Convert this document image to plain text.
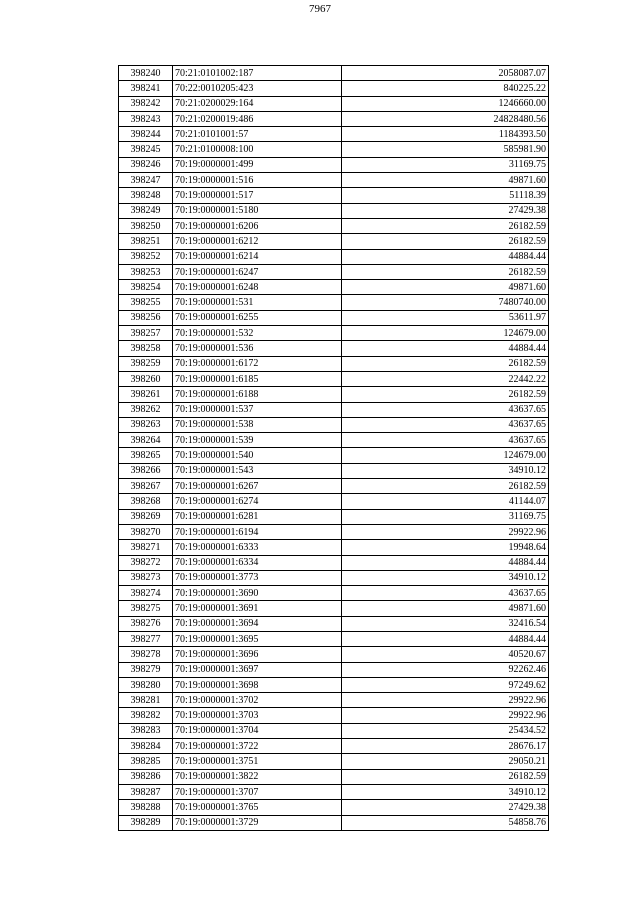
7967
398240	70:21:0101002:187	2058087.07
398241	70:22:0010205:423	840225.22
398242	70:21:0200029:164	1246660.00
398243	70:21:0200019:486	24828480.56
398244	70:21:0101001:57	1184393.50
398245	70:21:0100008:100	585981.90
398246	70:19:0000001:499	31169.75
398247	70:19:0000001:516	49871.60
398248	70:19:0000001:517	51118.39
398249	70:19:0000001:5180	27429.38
398250	70:19:0000001:6206	26182.59
398251	70:19:0000001:6212	26182.59
398252	70:19:0000001:6214	44884.44
398253	70:19:0000001:6247	26182.59
398254	70:19:0000001:6248	49871.60
398255	70:19:0000001:531	7480740.00
398256	70:19:0000001:6255	53611.97
398257	70:19:0000001:532	124679.00
398258	70:19:0000001:536	44884.44
398259	70:19:0000001:6172	26182.59
398260	70:19:0000001:6185	22442.22
398261	70:19:0000001:6188	26182.59
398262	70:19:0000001:537	43637.65
398263	70:19:0000001:538	43637.65
398264	70:19:0000001:539	43637.65
398265	70:19:0000001:540	124679.00
398266	70:19:0000001:543	34910.12
398267	70:19:0000001:6267	26182.59
398268	70:19:0000001:6274	41144.07
398269	70:19:0000001:6281	31169.75
398270	70:19:0000001:6194	29922.96
398271	70:19:0000001:6333	19948.64
398272	70:19:0000001:6334	44884.44
398273	70:19:0000001:3773	34910.12
398274	70:19:0000001:3690	43637.65
398275	70:19:0000001:3691	49871.60
398276	70:19:0000001:3694	32416.54
398277	70:19:0000001:3695	44884.44
398278	70:19:0000001:3696	40520.67
398279	70:19:0000001:3697	92262.46
398280	70:19:0000001:3698	97249.62
398281	70:19:0000001:3702	29922.96
398282	70:19:0000001:3703	29922.96
398283	70:19:0000001:3704	25434.52
398284	70:19:0000001:3722	28676.17
398285	70:19:0000001:3751	29050.21
398286	70:19:0000001:3822	26182.59
398287	70:19:0000001:3707	34910.12
398288	70:19:0000001:3765	27429.38
398289	70:19:0000001:3729	54858.76
